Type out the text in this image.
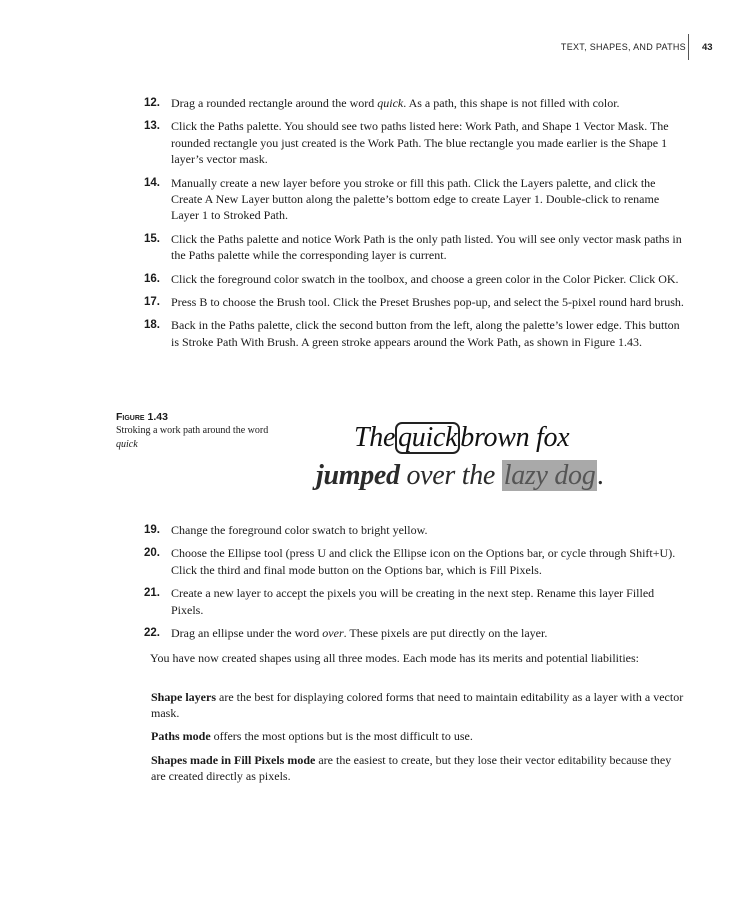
TEXT, SHAPES, AND PATHS 43
12. Drag a rounded rectangle around the word quick. As a path, this shape is not filled with color.
13. Click the Paths palette. You should see two paths listed here: Work Path, and Shape 1 Vector Mask. The rounded rectangle you just created is the Work Path. The blue rectangle you made earlier is the Shape 1 layer’s vector mask.
14. Manually create a new layer before you stroke or fill this path. Click the Layers palette, and click the Create A New Layer button along the palette’s bottom edge to create Layer 1. Double-click to rename Layer 1 to Stroked Path.
15. Click the Paths palette and notice Work Path is the only path listed. You will see only vector mask paths in the Paths palette while the corresponding layer is current.
16. Click the foreground color swatch in the toolbox, and choose a green color in the Color Picker. Click OK.
17. Press B to choose the Brush tool. Click the Preset Brushes pop-up, and select the 5-pixel round hard brush.
18. Back in the Paths palette, click the second button from the left, along the palette’s lower edge. This button is Stroke Path With Brush. A green stroke appears around the Work Path, as shown in Figure 1.43.
Figure 1.43
Stroking a work path around the word quick	The quick brown fox
jumped over the lazy dog.
19. Change the foreground color swatch to bright yellow.
20. Choose the Ellipse tool (press U and click the Ellipse icon on the Options bar, or cycle through Shift+U). Click the third and final mode button on the Options bar, which is Fill Pixels.
21. Create a new layer to accept the pixels you will be creating in the next step. Rename this layer Filled Pixels.
22. Drag an ellipse under the word over. These pixels are put directly on the layer.

You have now created shapes using all three modes. Each mode has its merits and potential liabilities:

Shape layers are the best for displaying colored forms that need to maintain editability as a layer with a vector mask.

Paths mode offers the most options but is the most difficult to use.

Shapes made in Fill Pixels mode are the easiest to create, but they lose their vector editability because they are created directly as pixels.
